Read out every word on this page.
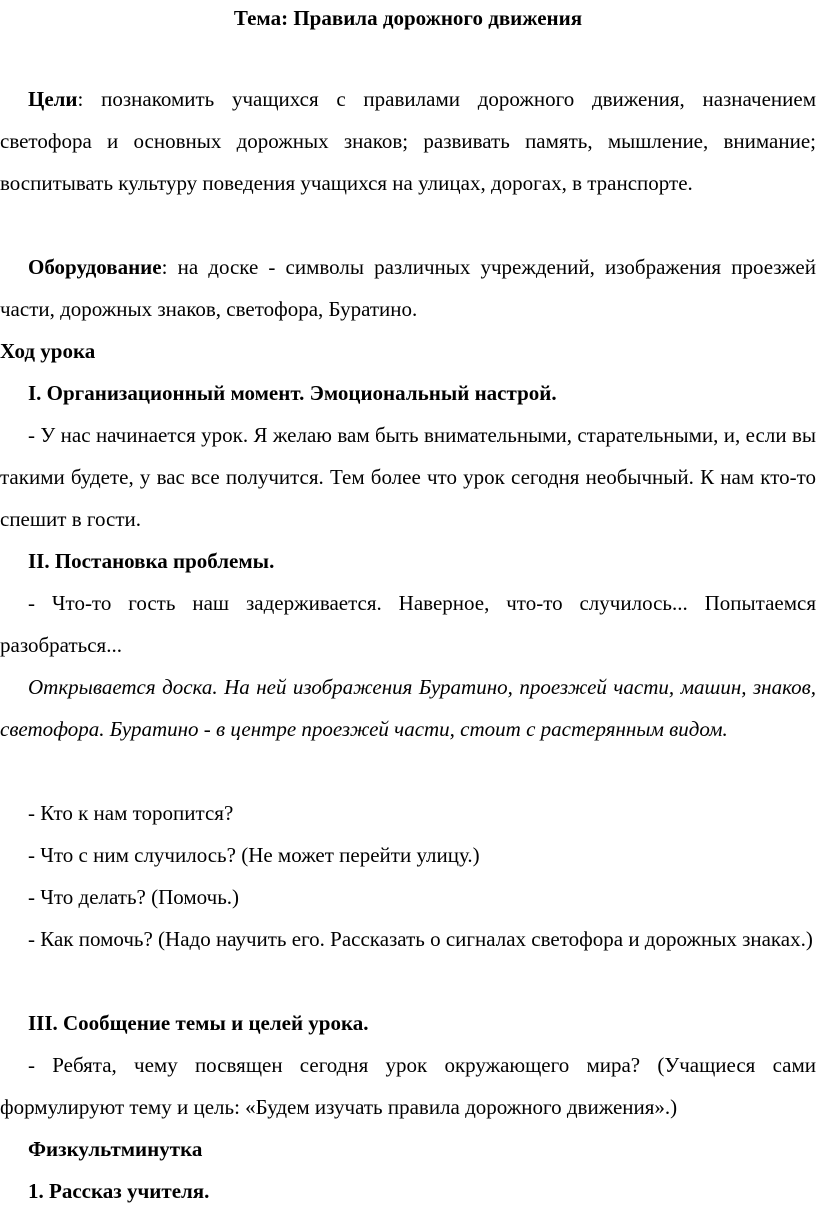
Тема: Правила дорожного движения
Цели: познакомить учащихся с правилами дорожного движения, назначением светофора и основных дорожных знаков; развивать память, мышление, внимание; воспитывать культуру поведения учащихся на улицах, дорогах, в транспорте.
Оборудование: на доске - символы различных учреждений, изображения проезжей части, дорожных знаков, светофора, Буратино.
Ход урока
I. Организационный момент. Эмоциональный настрой.
- У нас начинается урок. Я желаю вам быть внимательными, старательными, и, если вы такими будете, у вас все получится. Тем более что урок сегодня необычный. К нам кто-то спешит в гости.
II. Постановка проблемы.
- Что-то гость наш задерживается. Наверное, что-то случилось... Попытаемся разобраться...
Открывается доска. На ней изображения Буратино, проезжей части, машин, знаков, светофора. Буратино - в центре проезжей части, стоит с растерянным видом.
- Кто к нам торопится?
- Что с ним случилось? (Не может перейти улицу.)
- Что делать? (Помочь.)
- Как помочь? (Надо научить его. Рассказать о сигналах светофора и дорожных знаках.)
III. Сообщение темы и целей урока.
- Ребята, чему посвящен сегодня урок окружающего мира? (Учащиеся сами формулируют тему и цель: «Будем изучать правила дорожного движения».)
Физкультминутка
1. Рассказ учителя.
